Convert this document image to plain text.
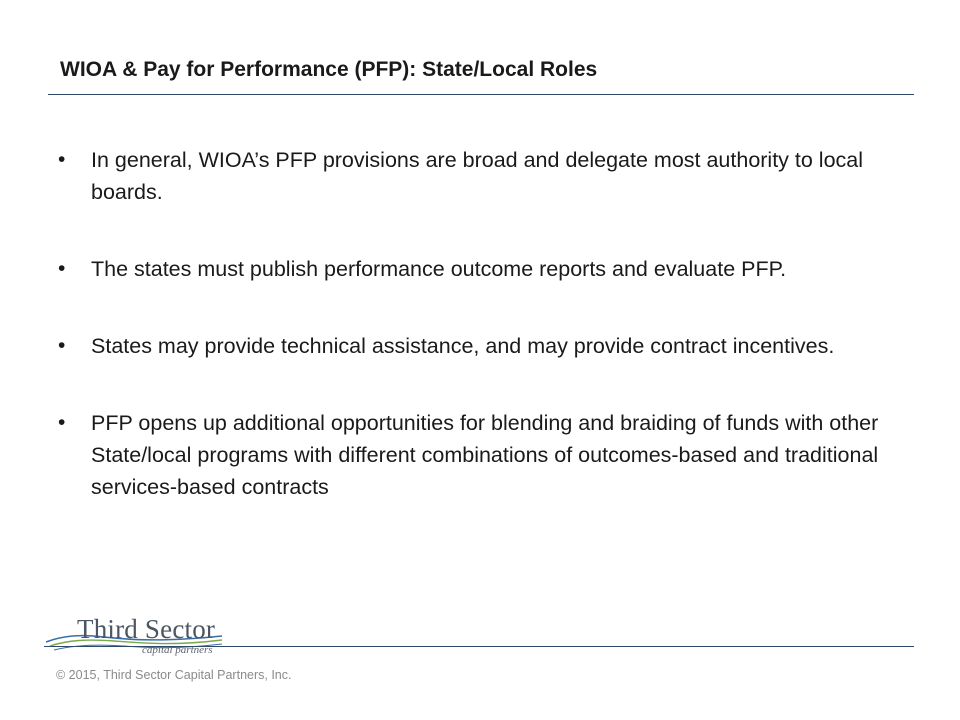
WIOA & Pay for Performance (PFP): State/Local Roles
•	In general, WIOA’s PFP provisions are broad and delegate most authority to local boards.
•	The states must publish performance outcome reports and evaluate PFP.
•	States may provide technical assistance, and may provide contract incentives.
•	PFP opens up additional opportunities for blending and braiding of funds with other State/local programs with different combinations of outcomes-based and traditional services-based contracts
Third Sector
capital partners
© 2015, Third Sector Capital Partners, Inc.
